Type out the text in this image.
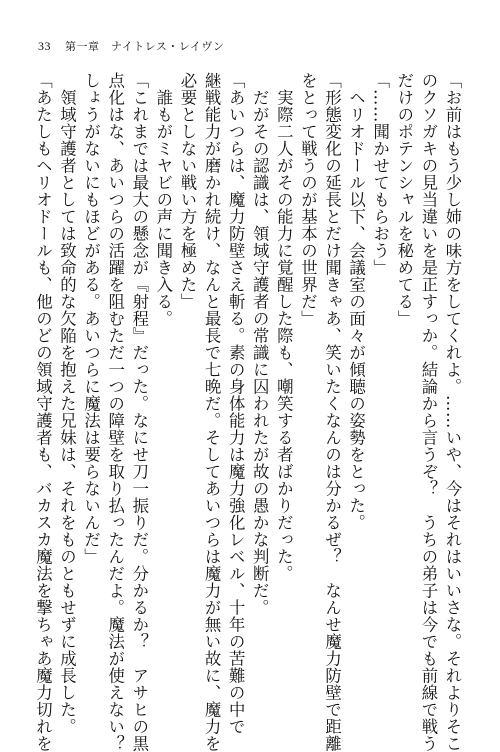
33 第一章　ナイトレス・レイヴン
「お前はもう少し姉の味方をしてくれよ。……いや、今はそれはいいさな。それよりそこ
のクソガキの見当違いを是正すっか。結論から言うぞ？　うちの弟子は今でも前線で戦う
だけのポテンシャルを秘めてる」
「……聞かせてもらおう」
　ヘリオドール以下、会議室の面々が傾聴の姿勢をとった。
「形態変化の延長とだけ聞きゃあ、笑いたくなんのは分かるぜ？　なんせ魔力防壁で距離
をとって戦うのが基本の世界だ」
　実際二人がその能力に覚醒した際も、嘲笑する者ばかりだった。
　だがその認識は、領域守護者の常識に囚われたが故の愚かな判断だ。
「あいつらは、魔力防壁さえ斬る。素の身体能力は魔力強化レベル、十年の苦難の中で
継戦能力が磨かれ続け、なんと最長で七晩だ。そしてあいつらは魔力が無い故に、魔力を
必要としない戦い方を極めた」
　誰もがミヤビの声に聞き入る。
「これまでは最大の懸念が『射程』だった。なにせ刀一振りだ。分かるか？　アサヒの黒
点化はな、あいつらの活躍を阻むただ一つの障壁を取り払ったんだよ。魔法が使えない？
しょうがないにもほどがある。あいつらに魔法は要らないんだ」
　領域守護者としては致命的な欠陥を抱えた兄妹は、それをものともせずに成長した。
「あたしもヘリオドールも、他のどの領域守護者も、バカスカ魔法を撃ちゃあ魔力切れを
